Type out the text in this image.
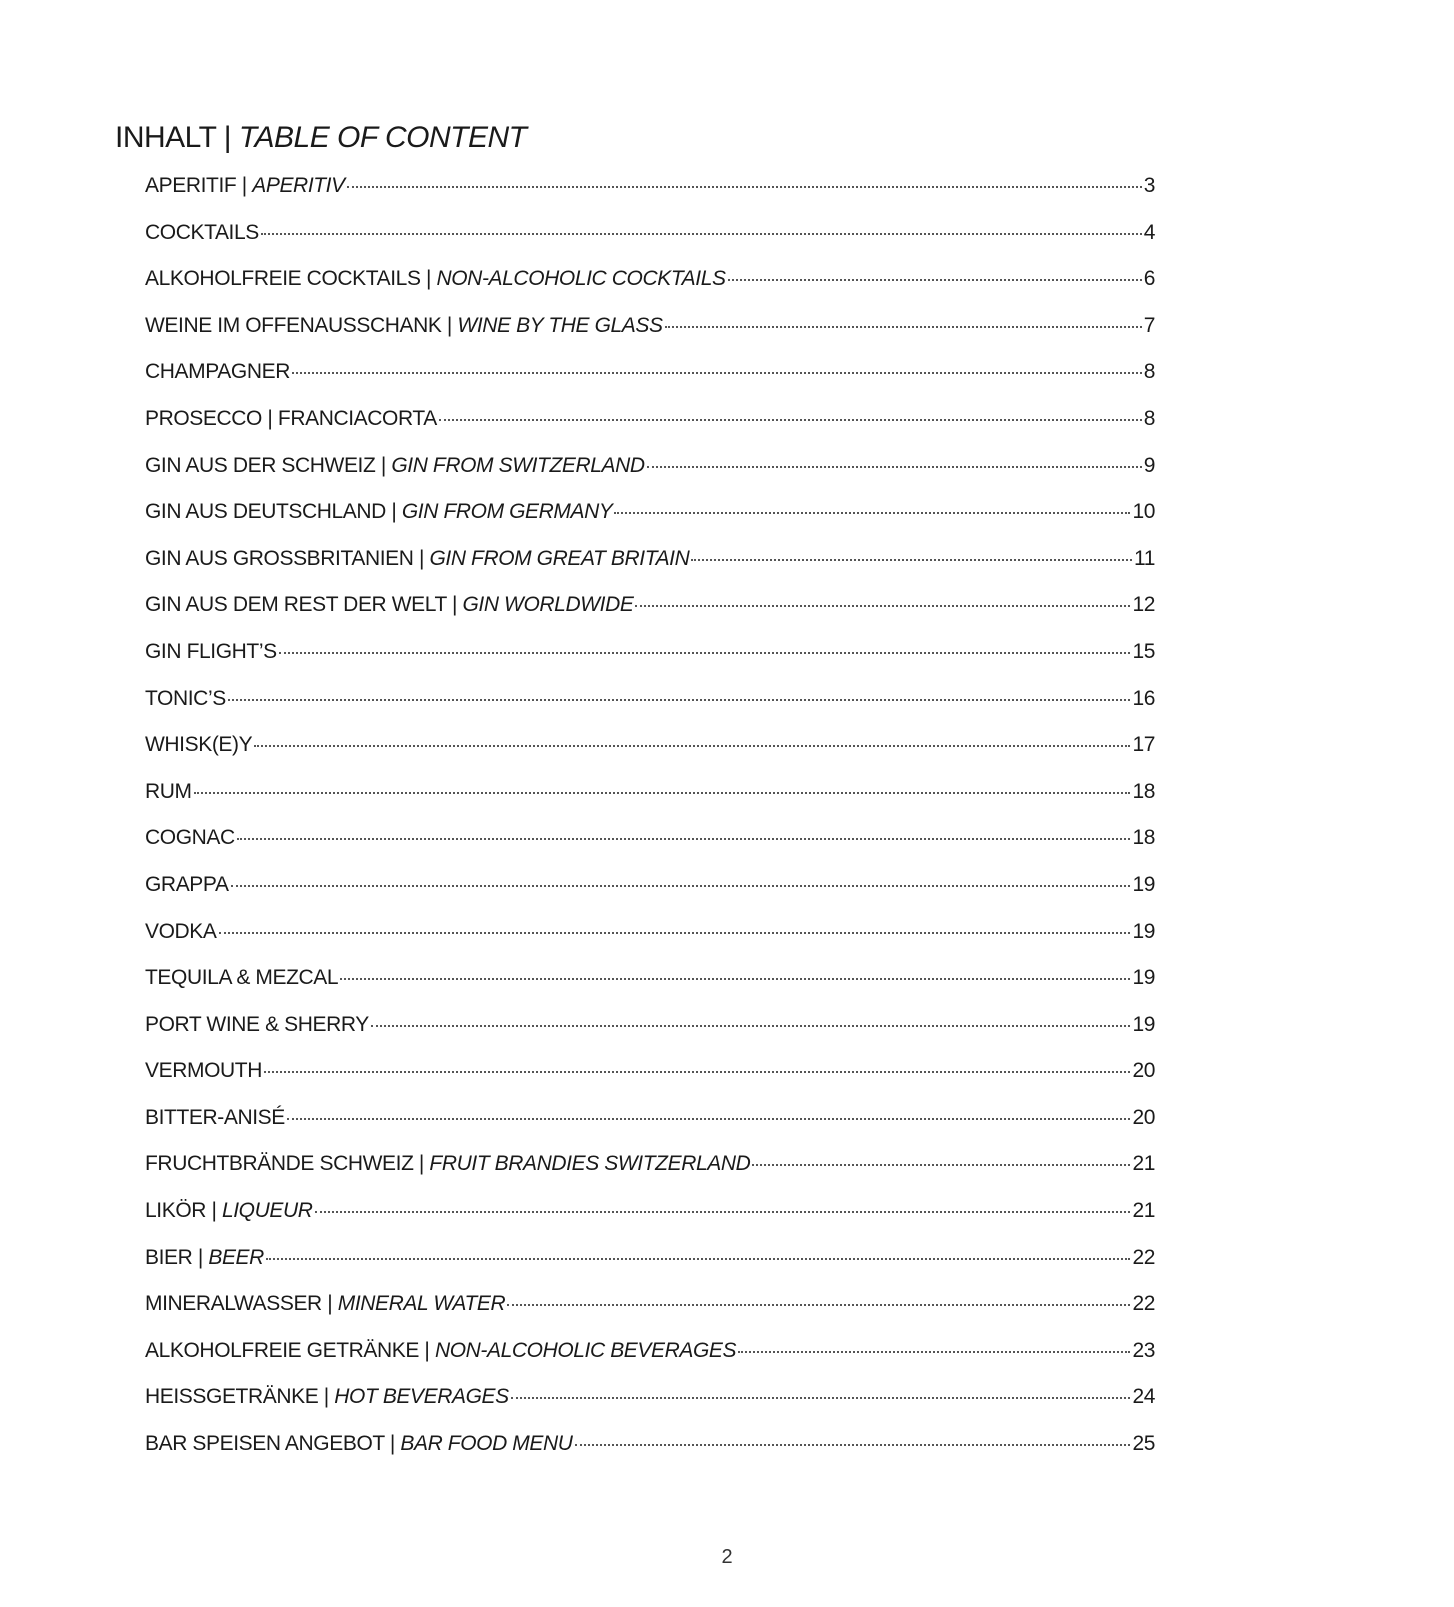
INHALT | TABLE OF CONTENT
APERITIF | APERITIV	3
COCKTAILS	4
ALKOHOLFREIE COCKTAILS | NON-ALCOHOLIC COCKTAILS	6
WEINE IM OFFENAUSSCHANK | WINE BY THE GLASS	7
CHAMPAGNER	8
PROSECCO | FRANCIACORTA	8
GIN AUS DER SCHWEIZ | GIN FROM SWITZERLAND	9
GIN AUS DEUTSCHLAND | GIN FROM GERMANY	10
GIN AUS GROSSBRITANIEN | GIN FROM GREAT BRITAIN	11
GIN AUS DEM REST DER WELT | GIN WORLDWIDE	12
GIN FLIGHT’S	15
TONIC’S	16
WHISK(E)Y	17
RUM	18
COGNAC	18
GRAPPA	19
VODKA	19
TEQUILA & MEZCAL	19
PORT WINE & SHERRY	19
VERMOUTH	20
BITTER-ANISÉ	20
FRUCHTBRÄNDE SCHWEIZ | FRUIT BRANDIES SWITZERLAND	21
LIKÖR | LIQUEUR	21
BIER | BEER	22
MINERALWASSER | MINERAL WATER	22
ALKOHOLFREIE GETRÄNKE | NON-ALCOHOLIC BEVERAGES	23
HEISSGETRÄNKE | HOT BEVERAGES	24
BAR SPEISEN ANGEBOT | BAR FOOD MENU	25
2
